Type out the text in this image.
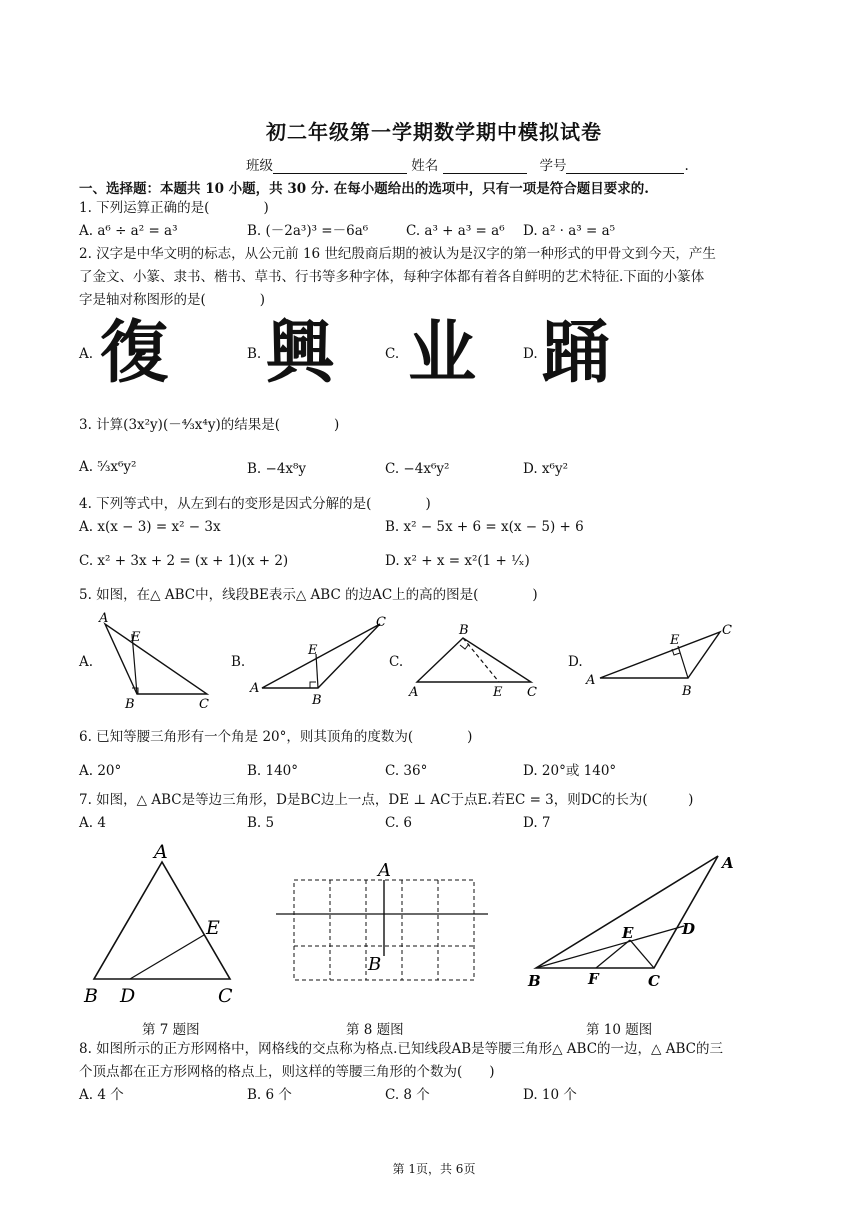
初二年级第一学期数学期中模拟试卷
班级	姓名	学号	.
一、选择题：本题共 10 小题，共 30 分. 在每小题给出的选项中，只有一项是符合题目要求的.
1. 下列运算正确的是(　　　　)
A. a⁶ ÷ a² = a³	B. (－2a³)³ =－6a⁶	C. a³ + a³ = a⁶ D. a² · a³ = a⁵
2. 汉字是中华文明的标志，从公元前 16 世纪殷商后期的被认为是汉字的第一种形式的甲骨文到今天，产生
了金文、小篆、隶书、楷书、草书、行书等多种字体，每种字体都有着各自鲜明的艺术特征.下面的小篆体
字是轴对称图形的是(　　　　)
A. 復	B. 興	C. 业	D. 踊
3. 计算(3x²y)(－⁴⁄₃x⁴y)的结果是(　　　　)
A. ⁵⁄₃x⁶y²	B. −4x⁸y	C. −4x⁶y²	D. x⁶y²
4. 下列等式中，从左到右的变形是因式分解的是(　　　　)
A. x(x − 3) = x² − 3x	B. x² − 5x + 6 = x(x − 5) + 6
C. x² + 3x + 2 = (x + 1)(x + 2)	D. x² + x = x²(1 + ¹⁄ₓ)
5. 如图，在△ ABC中，线段BE表示△ ABC 的边AC上的高的图是(　　　　)
A.
A
E
B	C
B.
A
E
B
C
C.
A
B
E C
D.
A
E
B
C
6. 已知等腰三角形有一个角是 20°，则其顶角的度数为(　　　　)
A. 20°	B. 140°	C. 36°	D. 20°或 140°
7. 如图，△ ABC是等边三角形，D是BC边上一点，DE ⊥ AC于点E.若EC = 3，则DC的长为(　　　)
A. 4	B. 5	C. 6	D. 7
A
E
B D	C
第 7 题图
A
B
第 8 题图
A
D
E
B	F	C
第 10 题图
8. 如图所示的正方形网格中，网格线的交点称为格点.已知线段AB是等腰三角形△ ABC的一边，△ ABC的三
个顶点都在正方形网格的格点上，则这样的等腰三角形的个数为(　　)
A. 4 个	B. 6 个	C. 8 个	D. 10 个
第 1页，共 6页
